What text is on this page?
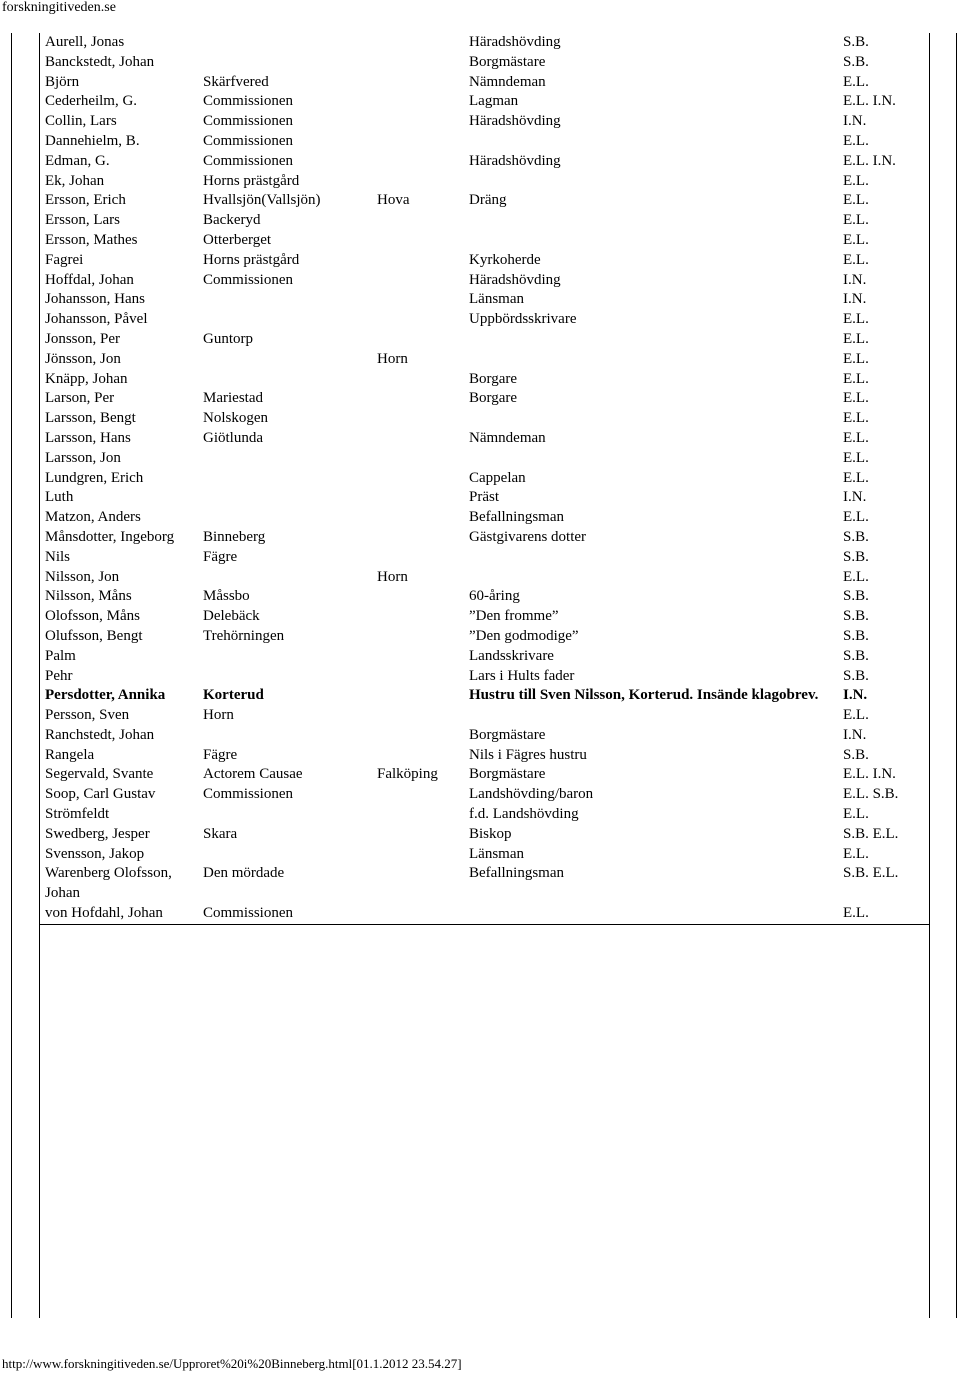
forskningitiveden.se
Aurell, Jonas			Häradshövding	S.B.
Banckstedt, Johan			Borgmästare	S.B.
Björn	Skärfvered		Nämndeman	E.L.
Cederheilm, G.	Commissionen		Lagman	E.L. I.N.
Collin, Lars	Commissionen		Häradshövding	I.N.
Dannehielm, B.	Commissionen			E.L.
Edman, G.	Commissionen		Häradshövding	E.L. I.N.
Ek, Johan	Horns prästgård			E.L.
Ersson, Erich	Hvallsjön(Vallsjön)	Hova	Dräng	E.L.
Ersson, Lars	Backeryd			E.L.
Ersson, Mathes	Otterberget			E.L.
Fagrei	Horns prästgård		Kyrkoherde	E.L.
Hoffdal, Johan	Commissionen		Häradshövding	I.N.
Johansson, Hans			Länsman	I.N.
Johansson, Påvel			Uppbördsskrivare	E.L.
Jonsson, Per	Guntorp			E.L.
Jönsson, Jon		Horn		E.L.
Knäpp, Johan			Borgare	E.L.
Larson, Per	Mariestad		Borgare	E.L.
Larsson, Bengt	Nolskogen			E.L.
Larsson, Hans	Giötlunda		Nämndeman	E.L.
Larsson, Jon				E.L.
Lundgren, Erich			Cappelan	E.L.
Luth			Präst	I.N.
Matzon, Anders			Befallningsman	E.L.
Månsdotter, Ingeborg	Binneberg		Gästgivarens dotter	S.B.
Nils	Fägre			S.B.
Nilsson, Jon		Horn		E.L.
Nilsson, Måns	Måssbo		60-åring	S.B.
Olofsson, Måns	Delebäck		”Den fromme”	S.B.
Olufsson, Bengt	Trehörningen		”Den godmodige”	S.B.
Palm			Landsskrivare	S.B.
Pehr			Lars i Hults fader	S.B.
Persdotter, Annika	Korterud		Hustru till Sven Nilsson, Korterud. Insände klagobrev.	I.N.
Persson, Sven	Horn			E.L.
Ranchstedt, Johan			Borgmästare	I.N.
Rangela	Fägre		Nils i Fägres hustru	S.B.
Segervald, Svante	Actorem Causae	Falköping	Borgmästare	E.L. I.N.
Soop, Carl Gustav	Commissionen		Landshövding/baron	E.L. S.B.
Strömfeldt			f.d. Landshövding	E.L.
Swedberg, Jesper	Skara		Biskop	S.B. E.L.
Svensson, Jakop			Länsman	E.L.
Warenberg Olofsson, Johan	Den mördade		Befallningsman	S.B. E.L.
von Hofdahl, Johan	Commissionen			E.L.
http://www.forskningitiveden.se/Upproret%20i%20Binneberg.html[01.1.2012 23.54.27]
